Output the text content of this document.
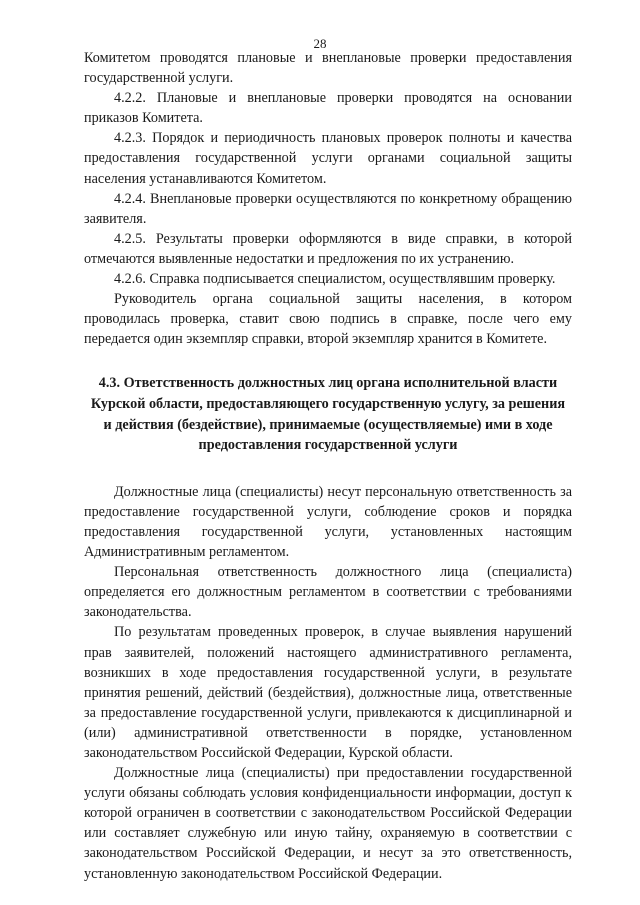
28

Комитетом проводятся плановые и внеплановые проверки предоставления государственной услуги.

4.2.2. Плановые и внеплановые проверки проводятся на основании приказов Комитета.

4.2.3. Порядок и периодичность плановых проверок полноты и качества предоставления государственной услуги органами социальной защиты населения устанавливаются Комитетом.

4.2.4. Внеплановые проверки осуществляются по конкретному обращению заявителя.

4.2.5. Результаты проверки оформляются в виде справки, в которой отмечаются выявленные недостатки и предложения по их устранению.

4.2.6. Справка подписывается специалистом, осуществлявшим проверку.

Руководитель органа социальной защиты населения, в котором проводилась проверка, ставит свою подпись в справке, после чего ему передается один экземпляр справки, второй экземпляр хранится в Комитете.

4.3. Ответственность должностных лиц органа исполнительной власти Курской области, предоставляющего государственную услугу, за решения и действия (бездействие), принимаемые (осуществляемые) ими в ходе предоставления государственной услуги

Должностные лица (специалисты) несут персональную ответственность за предоставление государственной услуги, соблюдение сроков и порядка предоставления государственной услуги, установленных настоящим Административным регламентом.

Персональная ответственность должностного лица (специалиста) определяется его должностным регламентом в соответствии с требованиями законодательства.

По результатам проведенных проверок, в случае выявления нарушений прав заявителей, положений настоящего административного регламента, возникших в ходе предоставления государственной услуги, в результате принятия решений, действий (бездействия), должностные лица, ответственные за предоставление государственной услуги, привлекаются к дисциплинарной и (или) административной ответственности в порядке, установленном законодательством Российской Федерации, Курской области.

Должностные лица (специалисты) при предоставлении государственной услуги обязаны соблюдать условия конфиденциальности информации, доступ к которой ограничен в соответствии с законодательством Российской Федерации или составляет служебную или иную тайну, охраняемую в соответствии с законодательством Российской Федерации, и несут за это ответственность, установленную законодательством Российской Федерации.
